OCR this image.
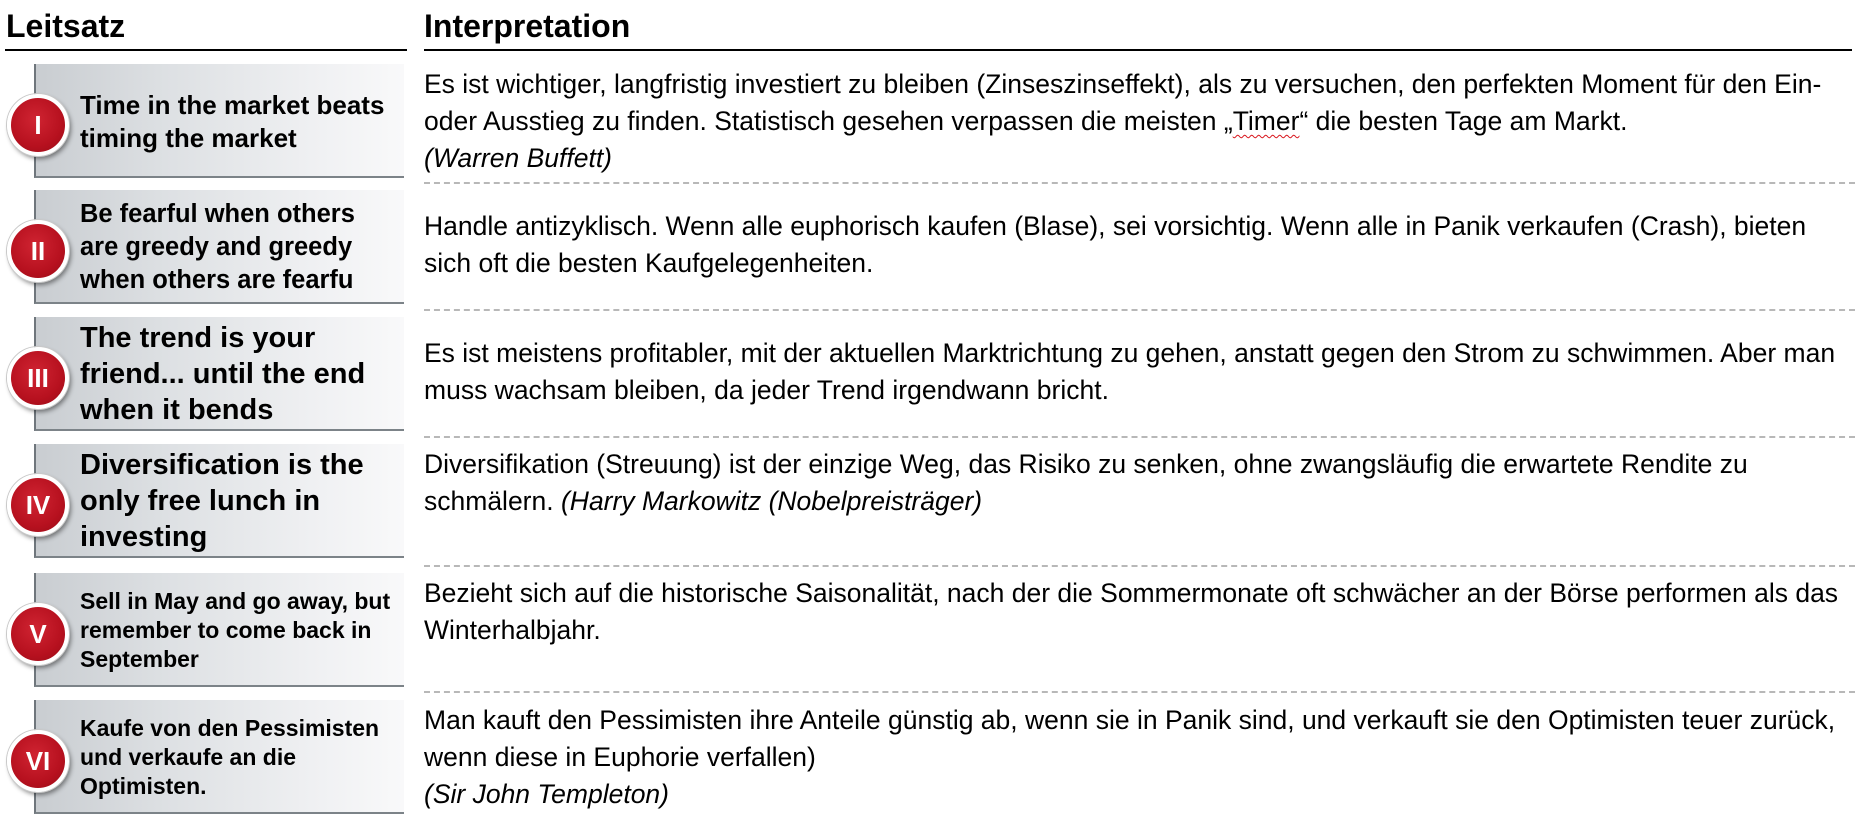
Leitsatz	Interpretation
Time in the market beats timing the market
I
Es ist wichtiger, langfristig investiert zu bleiben (Zinseszinseffekt), als zu versuchen, den perfekten Moment für den Ein- oder Ausstieg zu finden. Statistisch gesehen verpassen die meisten „Timer“ die besten Tage am Markt.
(Warren Buffett)
Be fearful when others are greedy and greedy when others are fearfu
II
Handle antizyklisch. Wenn alle euphorisch kaufen (Blase), sei vorsichtig. Wenn alle in Panik verkaufen (Crash), bieten sich oft die besten Kaufgelegenheiten.
The trend is your friend... until the end when it bends
III
Es ist meistens profitabler, mit der aktuellen Marktrichtung zu gehen, anstatt gegen den Strom zu schwimmen. Aber man muss wachsam bleiben, da jeder Trend irgendwann bricht.
Diversification is the only free lunch in investing
IV
Diversifikation (Streuung) ist der einzige Weg, das Risiko zu senken, ohne zwangsläufig die erwartete Rendite zu schmälern. (Harry Markowitz (Nobelpreisträger)
Sell in May and go away, but remember to come back in September
V
Bezieht sich auf die historische Saisonalität, nach der die Sommermonate oft schwächer an der Börse performen als das Winterhalbjahr.
Kaufe von den Pessimisten und verkaufe an die Optimisten.
VI
Man kauft den Pessimisten ihre Anteile günstig ab, wenn sie in Panik sind, und verkauft sie den Optimisten teuer zurück, wenn diese in Euphorie verfallen)
(Sir John Templeton)
